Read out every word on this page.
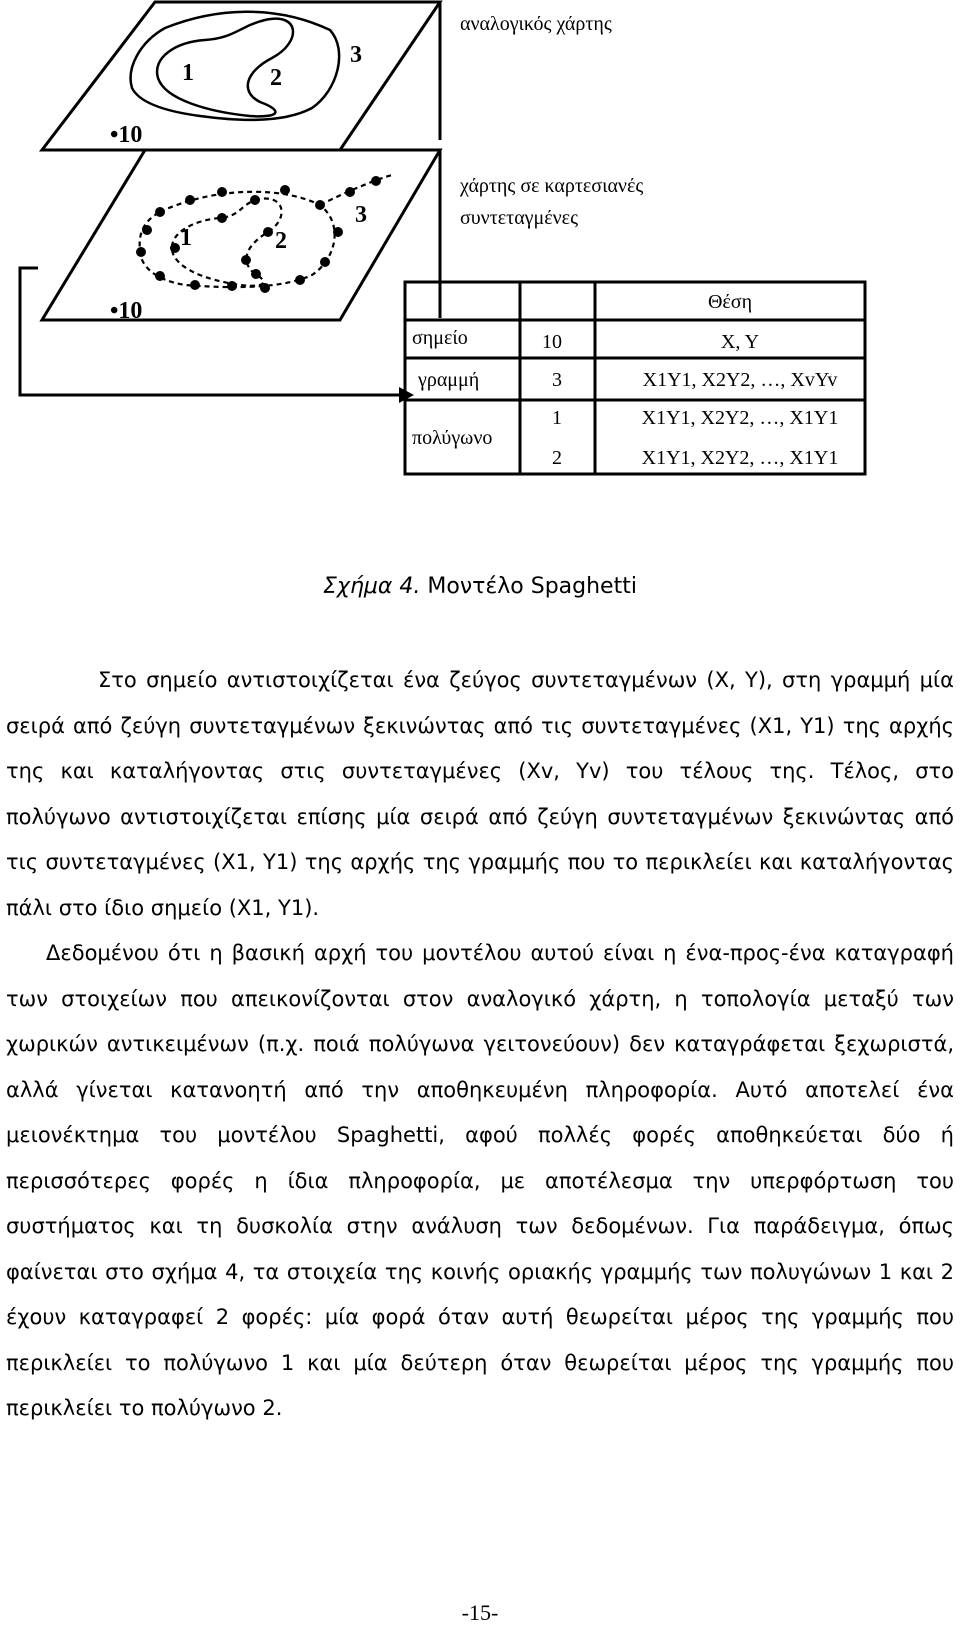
1	2
3
•10
1	2
3
•10
αναλογικός χάρτης
χάρτης σε καρτεσιανές
συντεταγμένες
Θέση
σημείο	10	X, Y
γραμμή	3	X1Y1, X2Y2, …, XvYv
πολύγωνο
1	X1Y1, X2Y2, …, X1Y1
2	X1Y1, X2Y2, …, X1Y1
Σχήμα 4. Μοντέλο Spaghetti

Στο σημείο αντιστοιχίζεται ένα ζεύγος συντεταγμένων (X, Y), στη γραμμή μία σειρά από ζεύγη συντεταγμένων ξεκινώντας από τις συντεταγμένες (X1, Y1) της αρχής της και καταλήγοντας στις συντεταγμένες (Xv, Yv) του τέλους της. Τέλος, στο πολύγωνο αντιστοιχίζεται επίσης μία σειρά από ζεύγη συντεταγμένων ξεκινώντας από τις συντεταγμένες (X1, Y1) της αρχής της γραμμής που το περικλείει και καταλήγοντας πάλι στο ίδιο σημείο (X1, Y1).

Δεδομένου ότι η βασική αρχή του μοντέλου αυτού είναι η ένα-προς-ένα καταγραφή των στοιχείων που απεικονίζονται στον αναλογικό χάρτη, η τοπολογία μεταξύ των χωρικών αντικειμένων (π.χ. ποιά πολύγωνα γειτονεύουν) δεν καταγράφεται ξεχωριστά, αλλά γίνεται κατανοητή από την αποθηκευμένη πληροφορία. Αυτό αποτελεί ένα μειονέκτημα του μοντέλου Spaghetti, αφού πολλές φορές αποθηκεύεται δύο ή περισσότερες φορές η ίδια πληροφορία, με αποτέλεσμα την υπερφόρτωση του συστήματος και τη δυσκολία στην ανάλυση των δεδομένων. Για παράδειγμα, όπως φαίνεται στο σχήμα 4, τα στοιχεία της κοινής οριακής γραμμής των πολυγώνων 1 και 2 έχουν καταγραφεί 2 φορές: μία φορά όταν αυτή θεωρείται μέρος της γραμμής που περικλείει το πολύγωνο 1 και μία δεύτερη όταν θεωρείται μέρος της γραμμής που περικλείει το πολύγωνο 2.

-15-
